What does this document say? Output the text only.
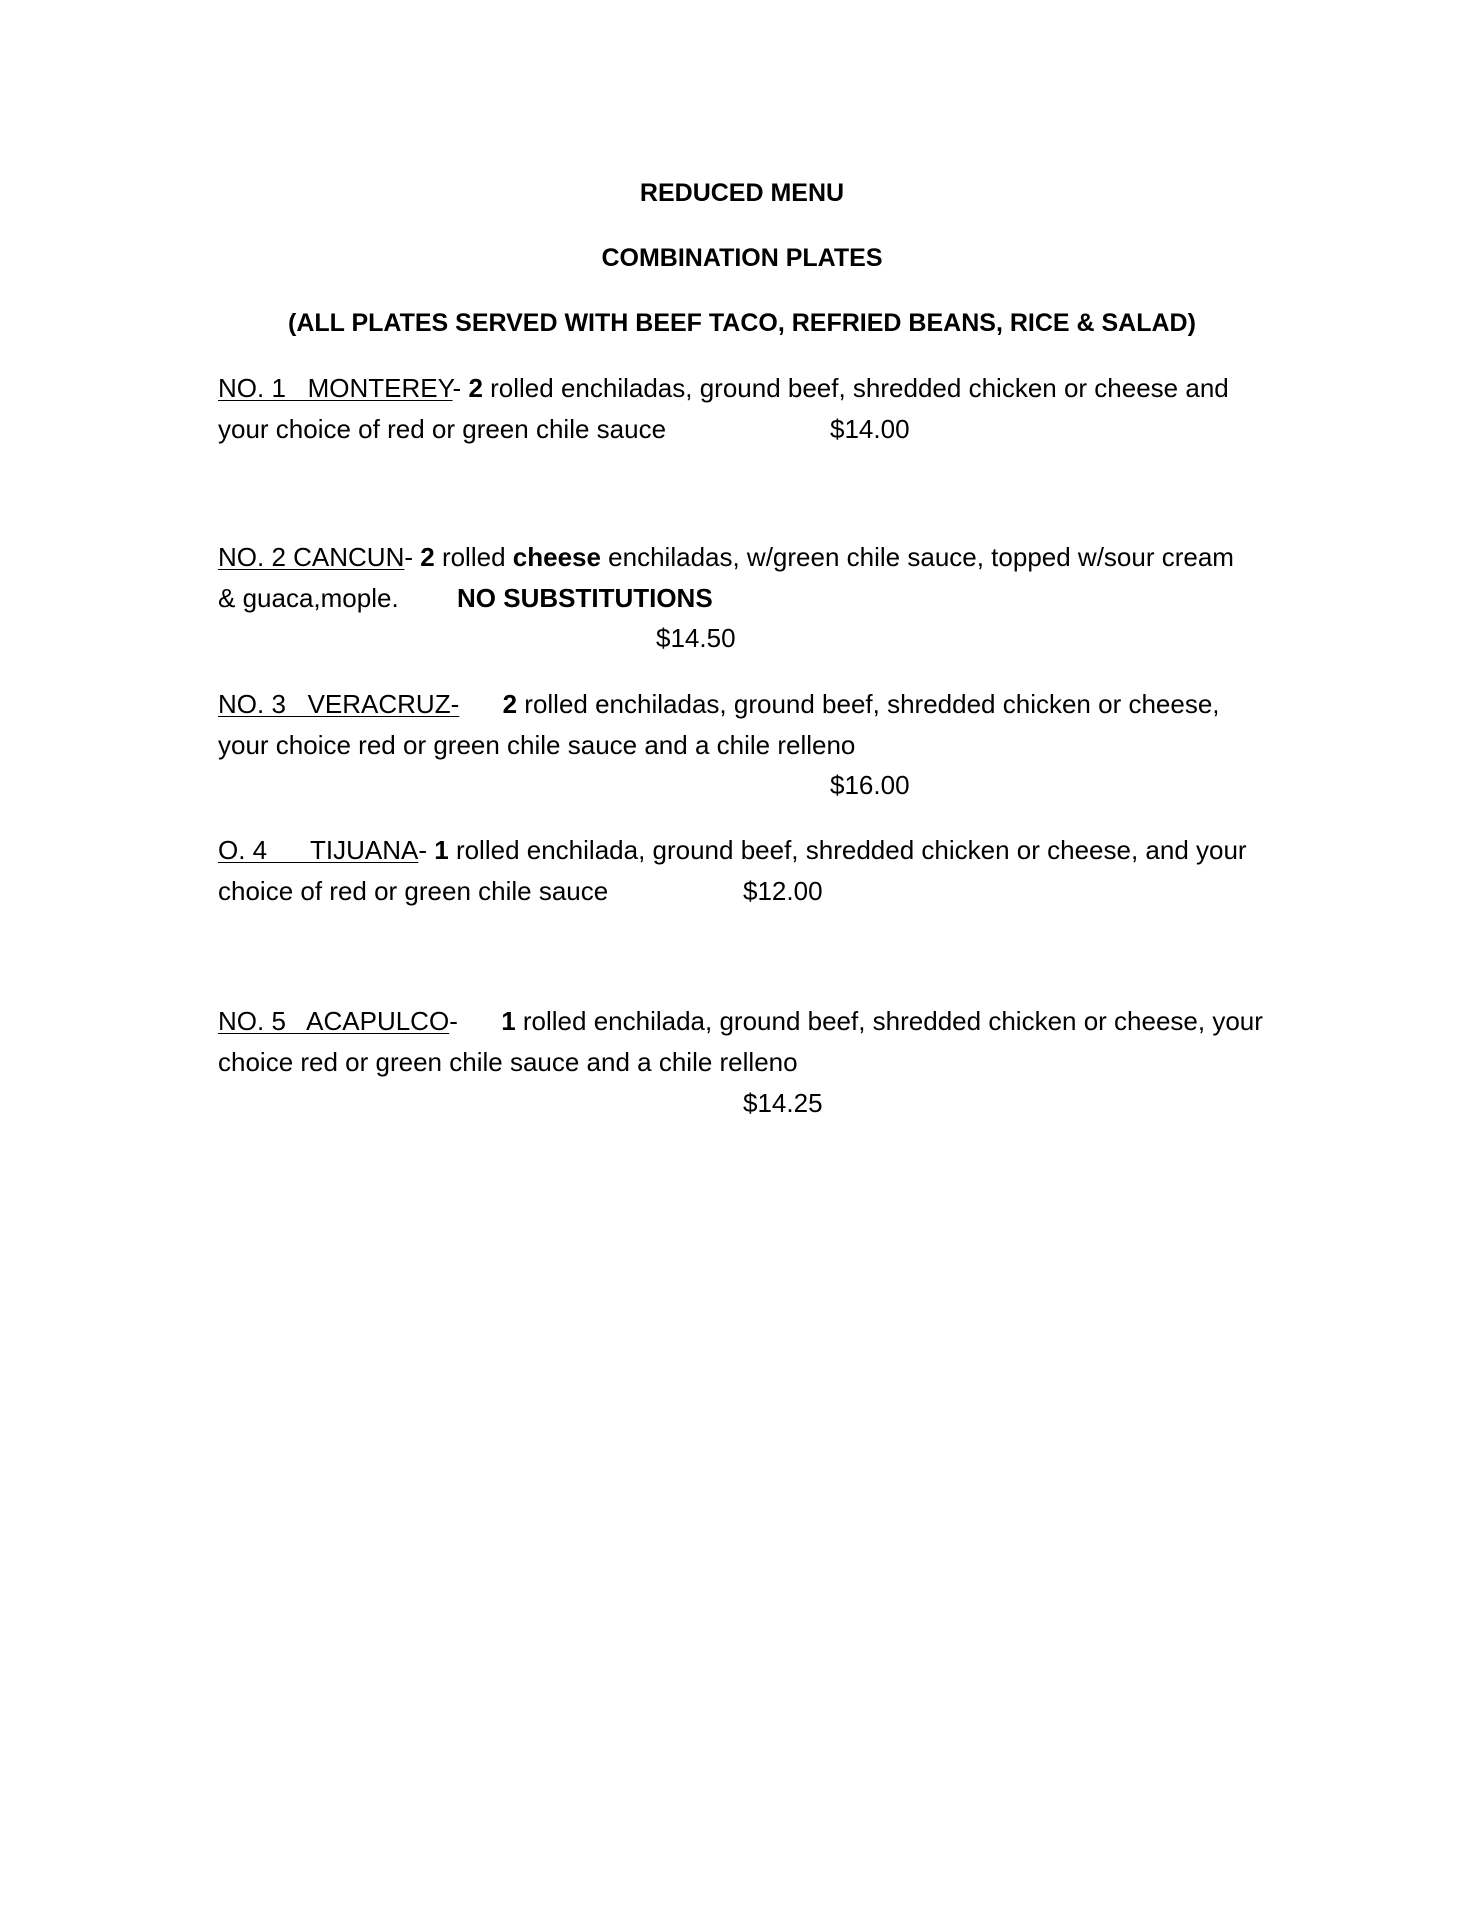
REDUCED MENU
COMBINATION PLATES
(ALL PLATES SERVED WITH BEEF TACO, REFRIED BEANS, RICE & SALAD)
NO. 1   MONTEREY- 2 rolled enchiladas, ground beef, shredded chicken or cheese and
your choice of red or green chile sauce	$14.00
NO. 2 CANCUN- 2 rolled cheese enchiladas, w/green chile sauce, topped w/sour cream
& guaca,mople. NO SUBSTITUTIONS
$14.50
NO. 3   VERACRUZ- 2 rolled enchiladas, ground beef, shredded chicken or cheese,
your choice red or green chile sauce and a chile relleno
$16.00
O. 4      TIJUANA- 1 rolled enchilada, ground beef, shredded chicken or cheese, and your
choice of red or green chile sauce	$12.00
NO. 5   ACAPULCO-      1 rolled enchilada, ground beef, shredded chicken or cheese, your
choice red or green chile sauce and a chile relleno
$14.25
